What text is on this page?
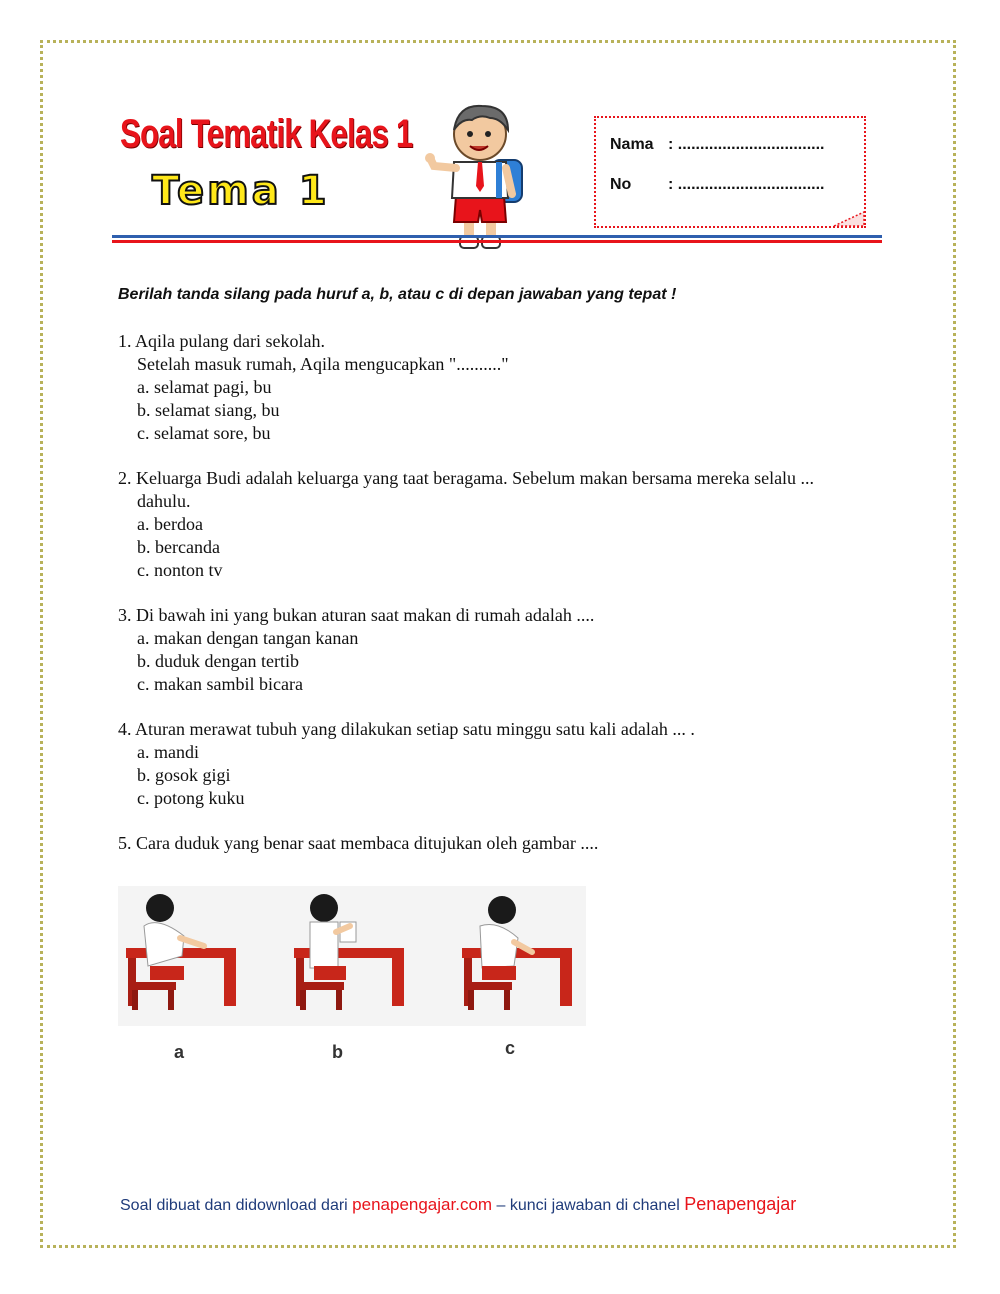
Soal Tematik Kelas 1
Tema 1
Nama : .................................
No : .................................
Berilah tanda silang pada huruf a, b, atau c di depan jawaban yang tepat !
1. Aqila pulang dari sekolah.
Setelah masuk rumah, Aqila mengucapkan ".........."
a. selamat pagi, bu
b. selamat siang, bu
c. selamat sore, bu
2. Keluarga Budi adalah keluarga yang taat beragama. Sebelum makan bersama mereka selalu ...
dahulu.
a. berdoa
b. bercanda
c. nonton tv
3. Di bawah ini yang bukan aturan saat makan di rumah adalah ....
a. makan dengan tangan kanan
b. duduk dengan tertib
c. makan sambil bicara
4. Aturan merawat tubuh yang dilakukan setiap satu minggu satu kali adalah ... .
a. mandi
b. gosok gigi
c. potong kuku
5. Cara duduk yang benar saat membaca ditujukan oleh gambar ....
a	b	c
Soal dibuat dan didownload dari penapengajar.com – kunci jawaban di chanel Penapengajar
